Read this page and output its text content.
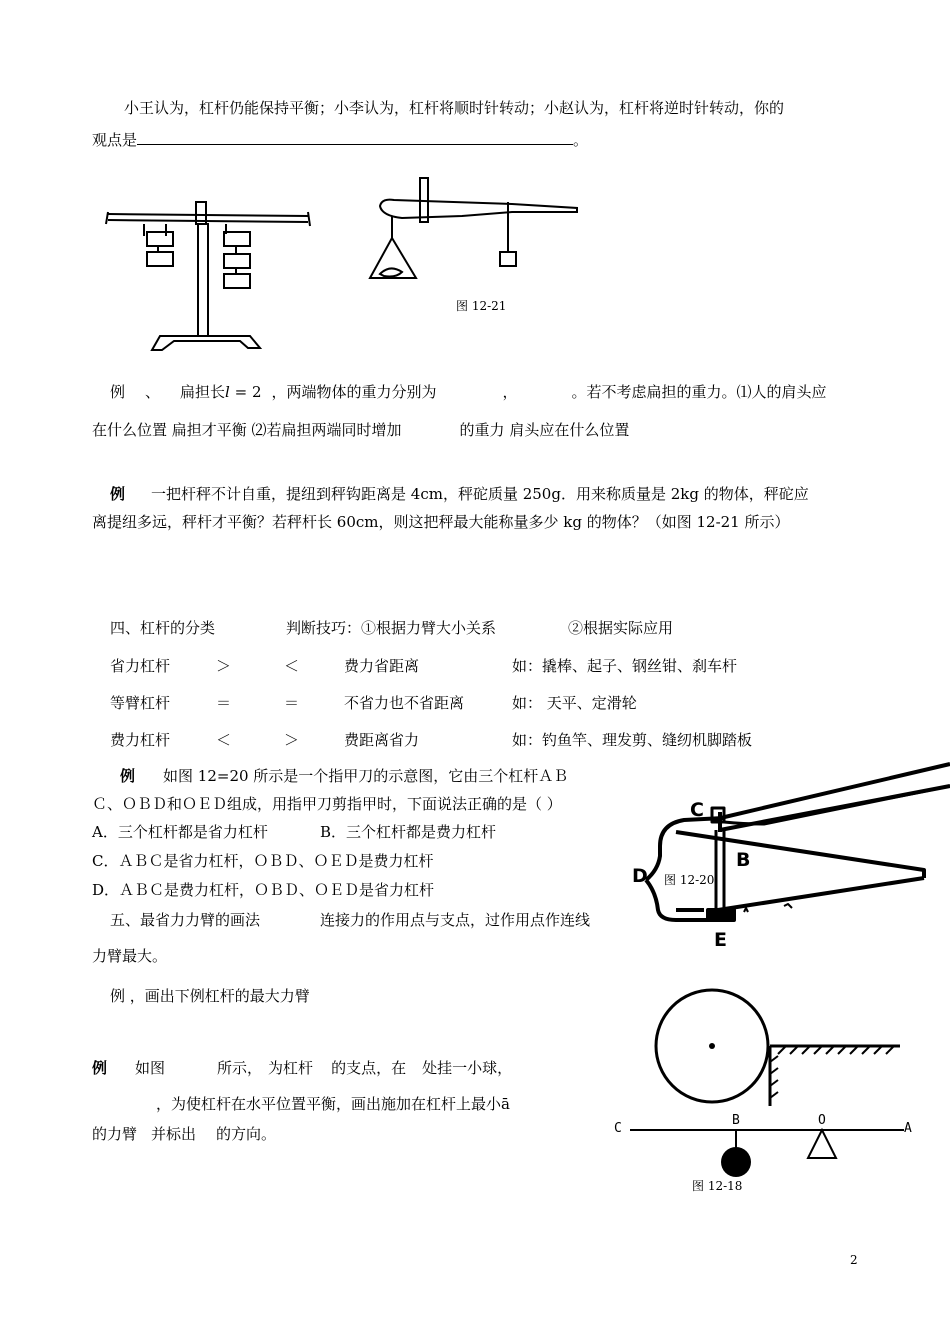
小王认为，杠杆仍能保持平衡；小李认为，杠杆将顺时针转动；小赵认为，杠杆将逆时针转动，你的
观点是	。
图 12-21
例 、 扁担长l = 2 ，两端物体的重力分别为	，	。若不考虑扁担的重力。⑴人的肩头应
在什么位置 扁担才平衡 ⑵若扁担两端同时增加	的重力 肩头应在什么位置
例 一把杆秤不计自重，提纽到秤钩距离是 4cm，秤砣质量 250g．用来称质量是 2kg 的物体，秤砣应
离提纽多远，秤杆才平衡？若秤杆长 60cm，则这把秤最大能称量多少 kg 的物体？（如图 12-21 所示）
四、杠杆的分类	判断技巧：①根据力臂大小关系	②根据实际应用
省力杠杆	＞	＜	费力省距离	如：撬棒、起子、钢丝钳、刹车杆
等臂杠杆	＝	＝	不省力也不省距离	如： 天平、定滑轮
费力杠杆	＜	＞	费距离省力	如：钓鱼竿、理发剪、缝纫机脚踏板
例 如图 12=20 所示是一个指甲刀的示意图，它由三个杠杆ＡＢ
Ｃ、ＯＢＤ和ＯＥＤ组成，用指甲刀剪指甲时，下面说法正确的是（ ）
A．三个杠杆都是省力杠杆	B．三个杠杆都是费力杠杆
C．ＡＢＣ是省力杠杆，ＯＢＤ、ＯＥＤ是费力杠杆
D．ＡＢＣ是费力杠杆，ＯＢＤ、ＯＥＤ是省力杠杆
五、最省力力臂的画法	连接力的作用点与支点，过作用点作连线
力臂最大。
例 ，画出下例杠杆的最大力臂
例 如图	所示， 为杠杆 的支点，在 处挂一小球，
，为使杠杆在水平位置平衡，画出施加在杠杆上最小ā
的力臂 并标出 的方向。
C
B
D
E
图 12-20
C
B	O
A
图 12-18
2
